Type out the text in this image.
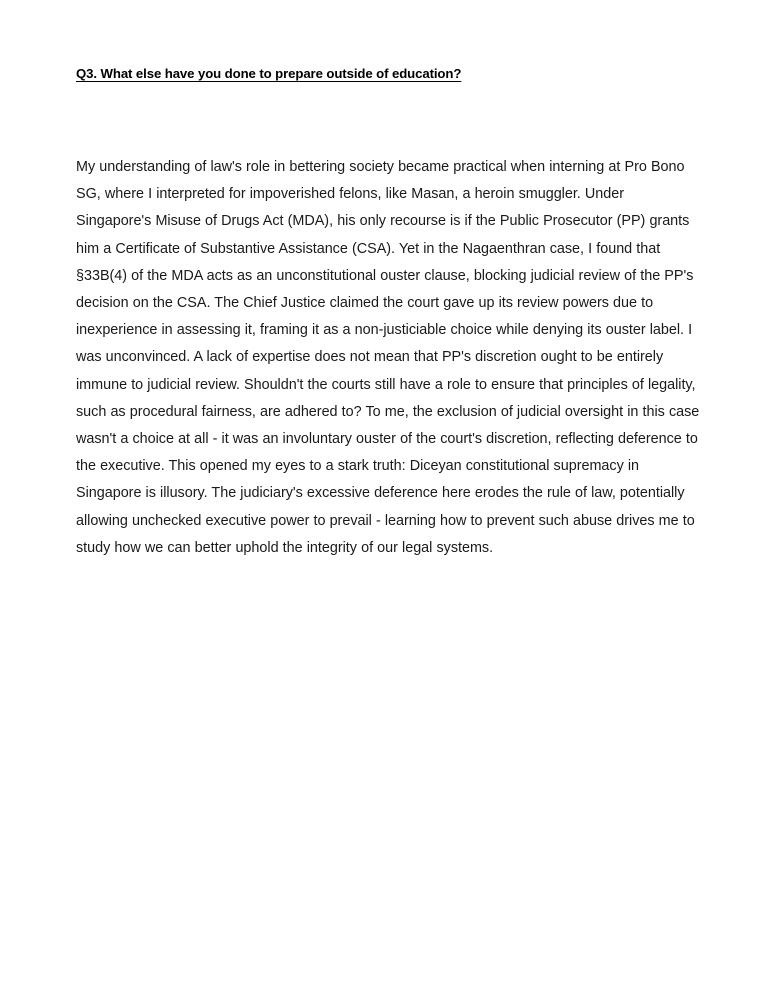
Q3. What else have you done to prepare outside of education?

My understanding of law's role in bettering society became practical when interning at Pro Bono SG, where I interpreted for impoverished felons, like Masan, a heroin smuggler. Under Singapore's Misuse of Drugs Act (MDA), his only recourse is if the Public Prosecutor (PP) grants him a Certificate of Substantive Assistance (CSA). Yet in the Nagaenthran case, I found that §33B(4) of the MDA acts as an unconstitutional ouster clause, blocking judicial review of the PP's decision on the CSA. The Chief Justice claimed the court gave up its review powers due to inexperience in assessing it, framing it as a non-justiciable choice while denying its ouster label. I was unconvinced. A lack of expertise does not mean that PP's discretion ought to be entirely immune to judicial review. Shouldn't the courts still have a role to ensure that principles of legality, such as procedural fairness, are adhered to? To me, the exclusion of judicial oversight in this case wasn't a choice at all - it was an involuntary ouster of the court's discretion, reflecting deference to the executive. This opened my eyes to a stark truth: Diceyan constitutional supremacy in Singapore is illusory. The judiciary's excessive deference here erodes the rule of law, potentially allowing unchecked executive power to prevail - learning how to prevent such abuse drives me to study how we can better uphold the integrity of our legal systems.
